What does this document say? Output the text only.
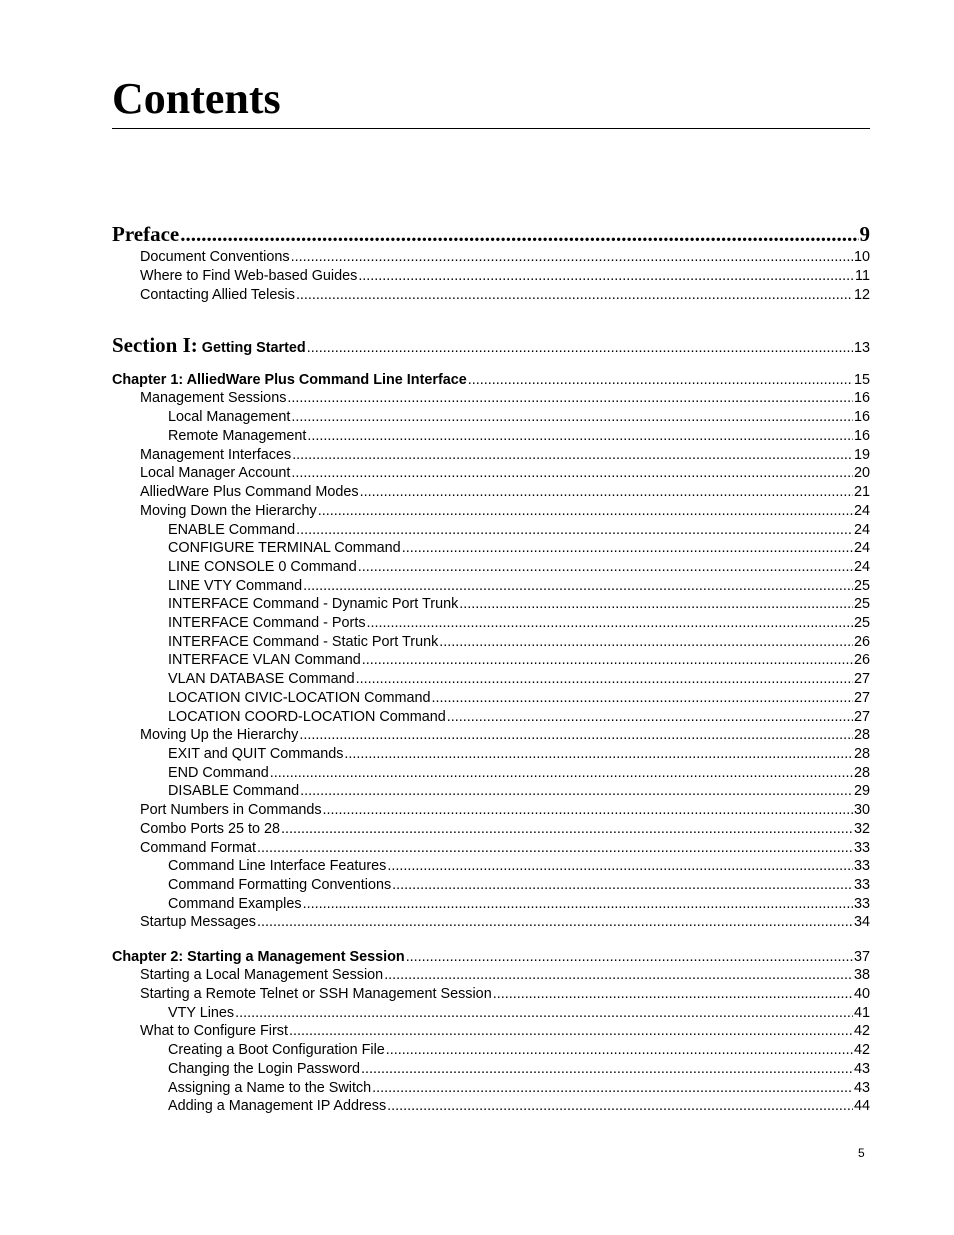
Contents
Preface .....	9
Document Conventions .....	10
Where to Find Web-based Guides .....	11
Contacting Allied Telesis .....	12
Section I: Getting Started .....	13
Chapter 1: AlliedWare Plus Command Line Interface .....	15
Management Sessions .....	16
Local Management .....	16
Remote Management .....	16
Management Interfaces .....	19
Local Manager Account .....	20
AlliedWare Plus Command Modes .....	21
Moving Down the Hierarchy .....	24
ENABLE Command .....	24
CONFIGURE TERMINAL Command .....	24
LINE CONSOLE 0 Command .....	24
LINE VTY Command .....	25
INTERFACE Command - Dynamic Port Trunk .....	25
INTERFACE Command - Ports .....	25
INTERFACE Command - Static Port Trunk .....	26
INTERFACE VLAN Command .....	26
VLAN DATABASE Command .....	27
LOCATION CIVIC-LOCATION Command .....	27
LOCATION COORD-LOCATION Command .....	27
Moving Up the Hierarchy .....	28
EXIT and QUIT Commands .....	28
END Command .....	28
DISABLE Command .....	29
Port Numbers in Commands .....	30
Combo Ports 25 to 28 .....	32
Command Format .....	33
Command Line Interface Features .....	33
Command Formatting Conventions .....	33
Command Examples .....	33
Startup Messages .....	34
Chapter 2: Starting a Management Session .....	37
Starting a Local Management Session .....	38
Starting a Remote Telnet or SSH Management Session .....	40
VTY Lines .....	41
What to Configure First .....	42
Creating a Boot Configuration File .....	42
Changing the Login Password .....	43
Assigning a Name to the Switch .....	43
Adding a Management IP Address .....	44
5
